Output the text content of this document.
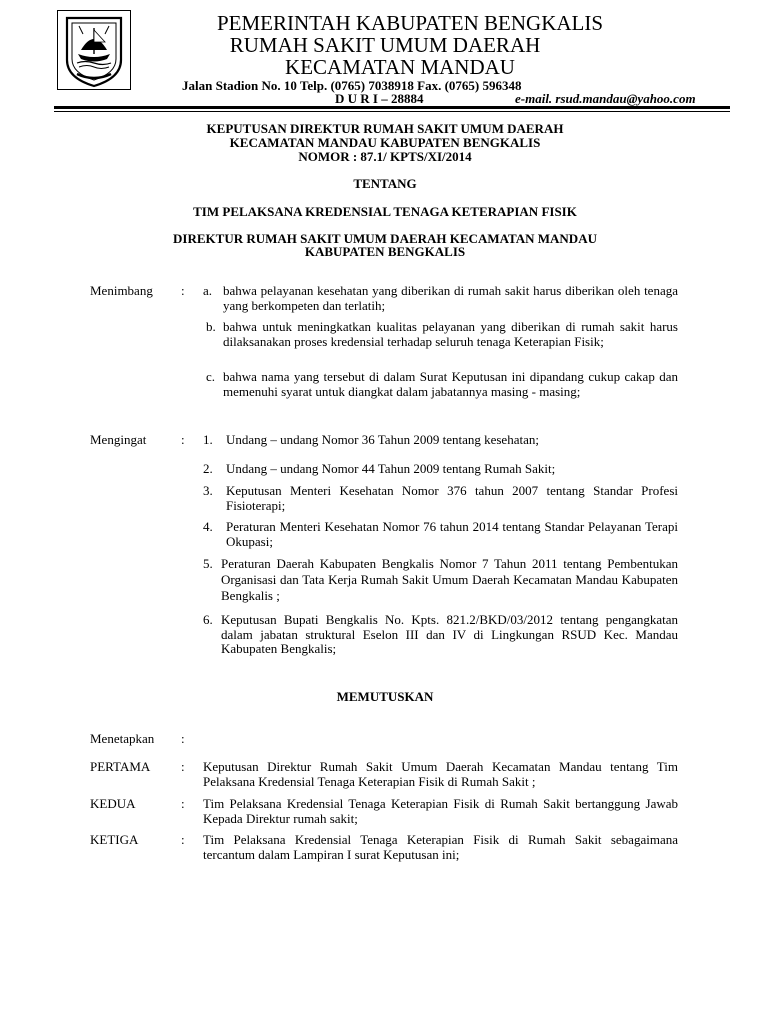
PEMERINTAH KABUPATEN BENGKALIS
RUMAH SAKIT UMUM DAERAH
KECAMATAN MANDAU
Jalan Stadion No. 10 Telp. (0765) 7038918 Fax. (0765) 596348
D U R I – 28884	e-mail. rsud.mandau@yahoo.com
KEPUTUSAN DIREKTUR RUMAH SAKIT UMUM DAERAH
KECAMATAN MANDAU KABUPATEN BENGKALIS
NOMOR : 87.1/ KPTS/XI/2014
TENTANG
TIM PELAKSANA KREDENSIAL TENAGA KETERAPIAN FISIK
DIREKTUR RUMAH SAKIT UMUM DAERAH KECAMATAN MANDAU
KABUPATEN BENGKALIS
Menimbang : a. bahwa pelayanan kesehatan yang diberikan di rumah sakit harus diberikan oleh tenaga yang berkompeten dan terlatih;
b. bahwa untuk meningkatkan kualitas pelayanan yang diberikan di rumah sakit harus dilaksanakan proses kredensial terhadap seluruh tenaga Keterapian Fisik;
c. bahwa nama yang tersebut di dalam Surat Keputusan ini dipandang cukup cakap dan memenuhi syarat untuk diangkat dalam jabatannya masing - masing;
Mengingat	: 1. Undang – undang Nomor 36 Tahun 2009 tentang kesehatan;
2. Undang – undang Nomor 44 Tahun 2009 tentang Rumah Sakit;
3. Keputusan Menteri Kesehatan Nomor 376 tahun 2007 tentang Standar Profesi Fisioterapi;
4. Peraturan Menteri Kesehatan Nomor 76 tahun 2014 tentang Standar Pelayanan Terapi Okupasi;
5. Peraturan Daerah Kabupaten Bengkalis Nomor 7 Tahun 2011 tentang Pembentukan Organisasi dan Tata Kerja Rumah Sakit Umum Daerah Kecamatan Mandau Kabupaten Bengkalis ;
6. Keputusan Bupati Bengkalis No. Kpts. 821.2/BKD/03/2012 tentang pengangkatan dalam jabatan struktural Eselon III dan IV di Lingkungan RSUD Kec. Mandau Kabupaten Bengkalis;
MEMUTUSKAN
Menetapkan :
PERTAMA : Keputusan Direktur Rumah Sakit Umum Daerah Kecamatan Mandau tentang Tim Pelaksana Kredensial Tenaga Keterapian Fisik di Rumah Sakit ;
KEDUA	: Tim Pelaksana Kredensial Tenaga Keterapian Fisik di Rumah Sakit bertanggung Jawab Kepada Direktur rumah sakit;
KETIGA	: Tim Pelaksana Kredensial Tenaga Keterapian Fisik di Rumah Sakit sebagaimana tercantum dalam Lampiran I surat Keputusan ini;
